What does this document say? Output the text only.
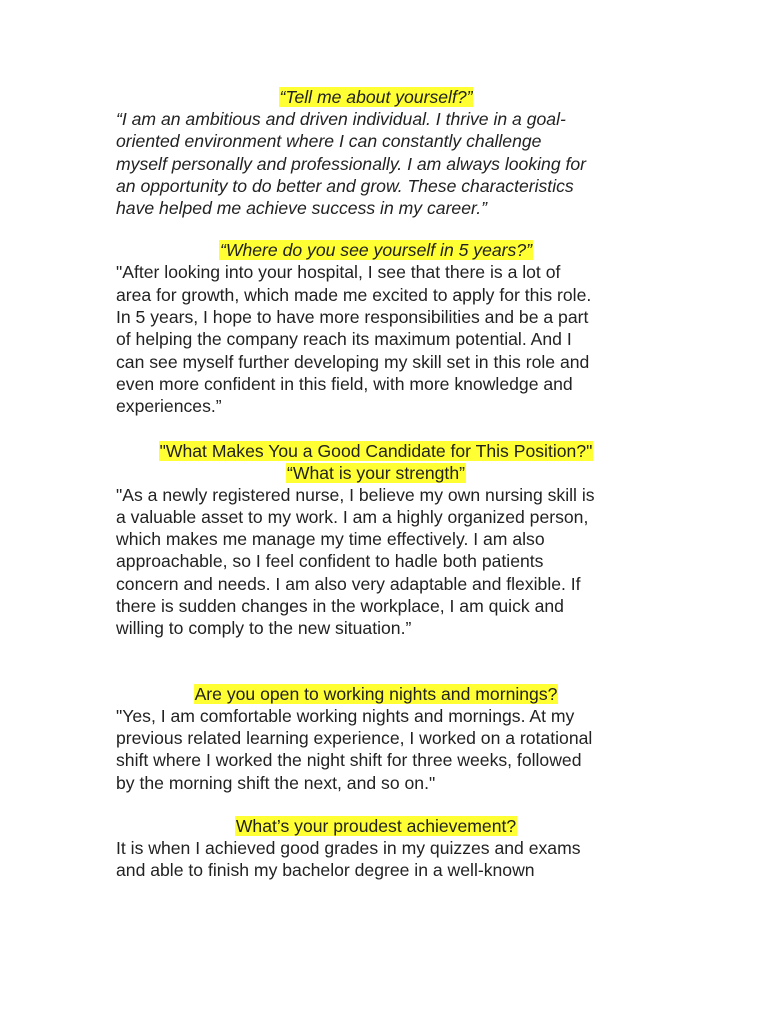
“Tell me about yourself?”

“I am an ambitious and driven individual. I thrive in a goal-
oriented environment where I can constantly challenge
myself personally and professionally. I am always looking for
an opportunity to do better and grow. These characteristics
have helped me achieve success in my career.”

“Where do you see yourself in 5 years?”

"After looking into your hospital, I see that there is a lot of
area for growth, which made me excited to apply for this role.
In 5 years, I hope to have more responsibilities and be a part
of helping the company reach its maximum potential. And I
can see myself further developing my skill set in this role and
even more confident in this field, with more knowledge and
experiences.”

"What Makes You a Good Candidate for This Position?"

“What is your strength”

"As a newly registered nurse, I believe my own nursing skill is
a valuable asset to my work. I am a highly organized person,
which makes me manage my time effectively. I am also
approachable, so I feel confident to hadle both patients
concern and needs. I am also very adaptable and flexible. If
there is sudden changes in the workplace, I am quick and
willing to comply to the new situation.”

Are you open to working nights and mornings?

"Yes, I am comfortable working nights and mornings. At my
previous related learning experience, I worked on a rotational
shift where I worked the night shift for three weeks, followed
by the morning shift the next, and so on."

What’s your proudest achievement?

It is when I achieved good grades in my quizzes and exams
and able to finish my bachelor degree in a well-known
